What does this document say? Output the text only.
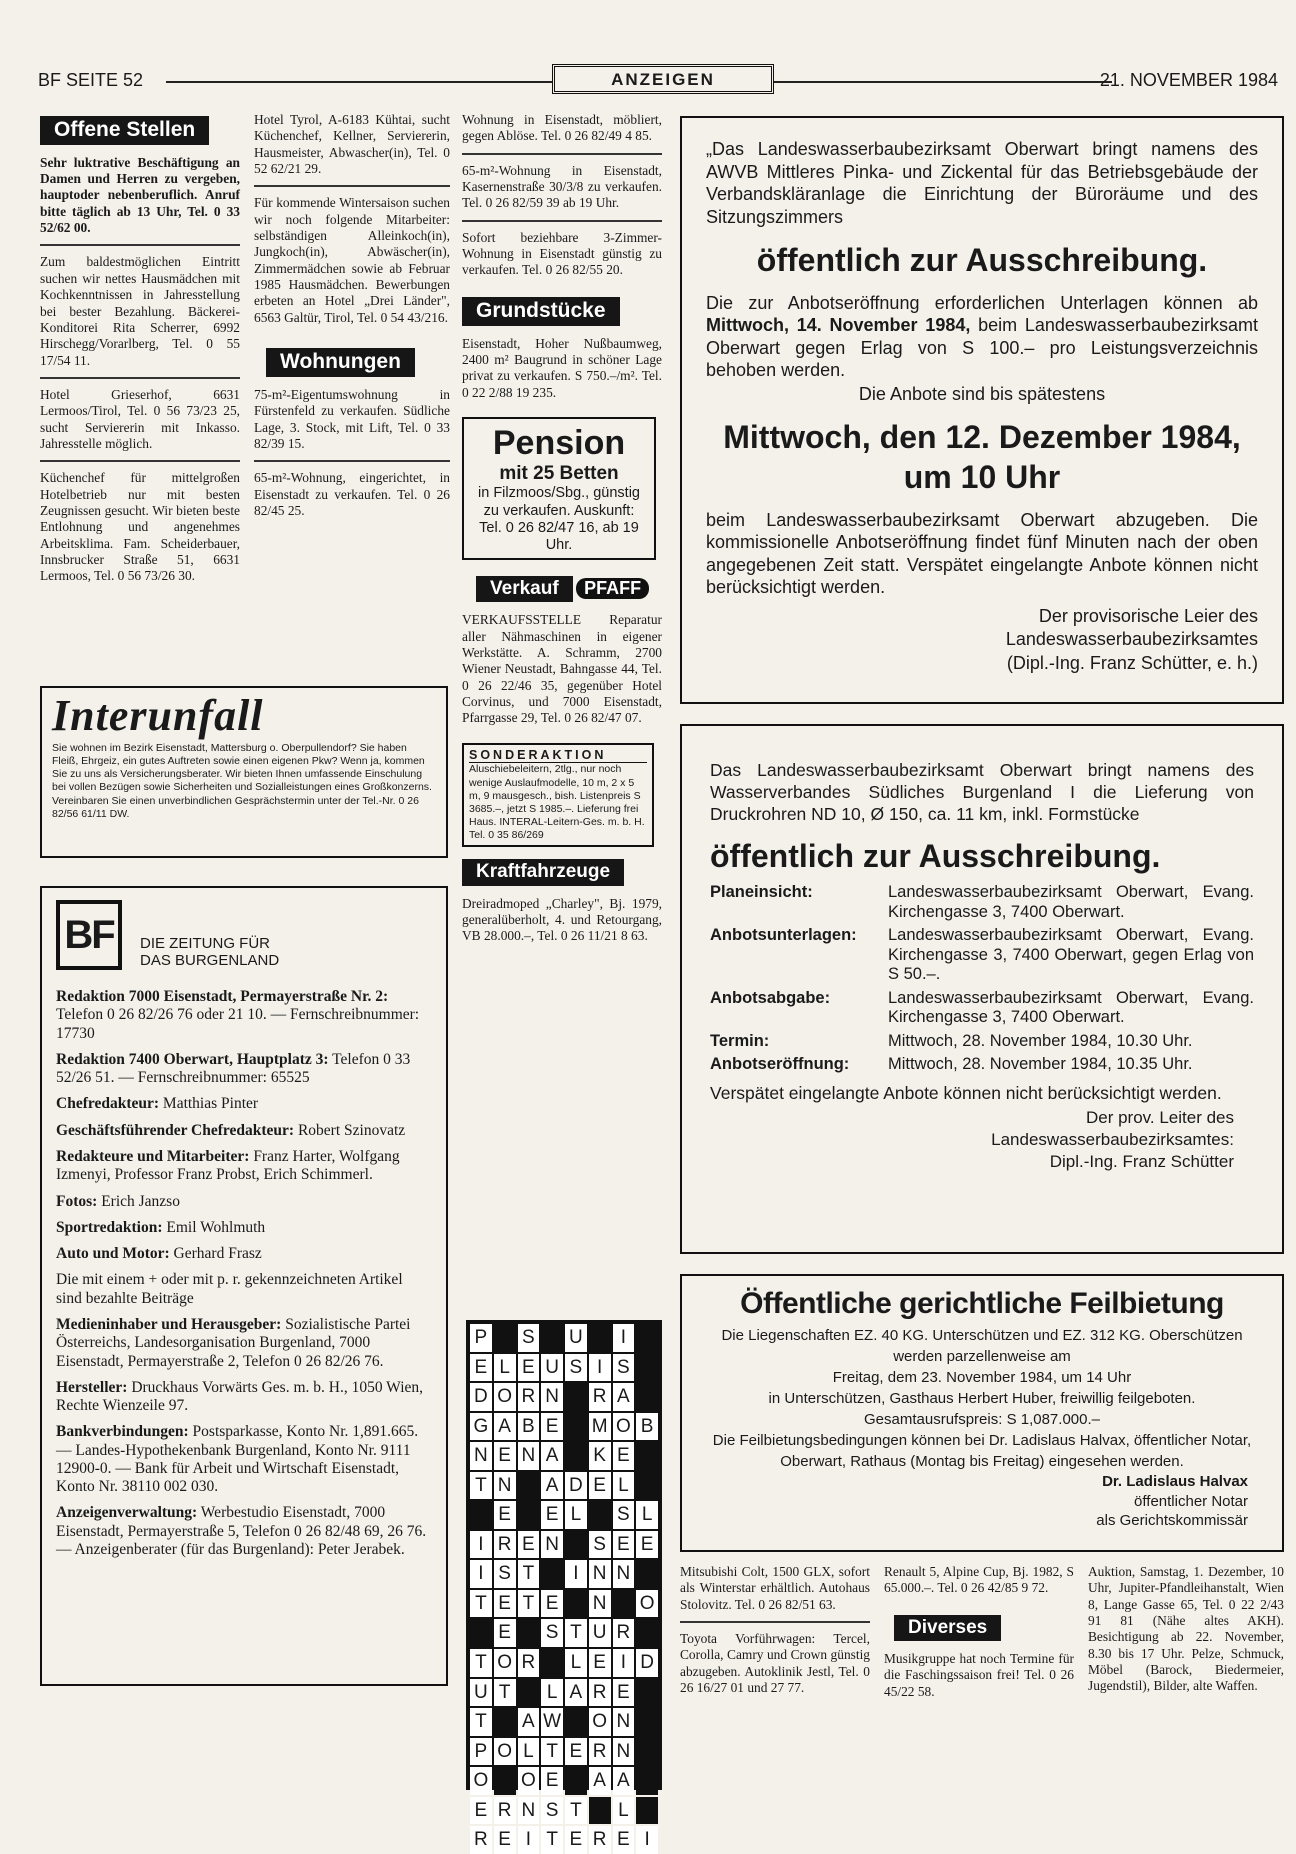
BF SEITE 52	ANZEIGEN	21. NOVEMBER 1984
Offene Stellen
Sehr luktrative Beschäftigung an Damen und Herren zu vergeben, hauptoder nebenberuflich. Anruf bitte täglich ab 13 Uhr, Tel. 0 33 52/62 00.
Zum baldestmöglichen Eintritt suchen wir nettes Hausmädchen mit Kochkenntnissen in Jahresstellung bei bester Bezahlung. Bäckerei-Konditorei Rita Scherrer, 6992 Hirschegg/Vorarlberg, Tel. 0 55 17/54 11.
Hotel Grieserhof, 6631 Lermoos/Tirol, Tel. 0 56 73/23 25, sucht Serviererin mit Inkasso. Jahresstelle möglich.
Küchenchef für mittelgroßen Hotelbetrieb nur mit besten Zeugnissen gesucht. Wir bieten beste Entlohnung und angenehmes Arbeitsklima. Fam. Scheiderbauer, Innsbrucker Straße 51, 6631 Lermoos, Tel. 0 56 73/26 30.
Hotel Tyrol, A-6183 Kühtai, sucht Küchenchef, Kellner, Serviererin, Hausmeister, Abwascher(in), Tel. 0 52 62/21 29.
Für kommende Wintersaison suchen wir noch folgende Mitarbeiter: selbständigen Alleinkoch(in), Jungkoch(in), Abwäscher(in), Zimmermädchen sowie ab Februar 1985 Hausmädchen. Bewerbungen erbeten an Hotel „Drei Länder", 6563 Galtür, Tirol, Tel. 0 54 43/216.
Wohnungen
75-m²-Eigentumswohnung in Fürstenfeld zu verkaufen. Südliche Lage, 3. Stock, mit Lift, Tel. 0 33 82/39 15.
65-m²-Wohnung, eingerichtet, in Eisenstadt zu verkaufen. Tel. 0 26 82/45 25.
Wohnung in Eisenstadt, möbliert, gegen Ablöse. Tel. 0 26 82/49 4 85.
65-m²-Wohnung in Eisenstadt, Kasernenstraße 30/3/8 zu verkaufen. Tel. 0 26 82/59 39 ab 19 Uhr.
Sofort beziehbare 3-Zimmer-Wohnung in Eisenstadt günstig zu verkaufen. Tel. 0 26 82/55 20.
Grundstücke
Eisenstadt, Hoher Nußbaumweg, 2400 m² Baugrund in schöner Lage privat zu verkaufen. S 750.–/m². Tel. 0 22 2/88 19 235.
Pension
mit 25 Betten
in Filzmoos/Sbg., günstig zu verkaufen. Auskunft: Tel. 0 26 82/47 16, ab 19 Uhr.
Verkauf PFAFF
VERKAUFSSTELLE Reparatur aller Nähmaschinen in eigener Werkstätte. A. Schramm, 2700 Wiener Neustadt, Bahngasse 44, Tel. 0 26 22/46 35, gegenüber Hotel Corvinus, und 7000 Eisenstadt, Pfarrgasse 29, Tel. 0 26 82/47 07.
SONDERAKTION
Aluschiebeleitern, 2tlg., nur noch wenige Auslaufmodelle, 10 m, 2 x 5 m, 9 mausgesch., bish. Listenpreis S 3685.–, jetzt S 1985.–. Lieferung frei Haus. INTERAL-Leitern-Ges. m. b. H. Tel. 0 35 86/269
Kraftfahrzeuge
Dreiradmoped „Charley", Bj. 1979, generalüberholt, 4. und Retourgang, VB 28.000.–, Tel. 0 26 11/21 8 63.
Interunfall
Sie wohnen im Bezirk Eisenstadt, Mattersburg o. Oberpullendorf? Sie haben Fleiß, Ehrgeiz, ein gutes Auftreten sowie einen eigenen Pkw? Wenn ja, kommen Sie zu uns als Versicherungsberater. Wir bieten Ihnen umfassende Einschulung bei vollen Bezügen sowie Sicherheiten und Sozialleistungen eines Großkonzerns. Vereinbaren Sie einen unverbindlichen Gesprächstermin unter der Tel.-Nr. 0 26 82/56 61/11 DW.
BF	DIE ZEITUNG FÜR
DAS BURGENLAND

Redaktion 7000 Eisenstadt, Permayerstraße Nr. 2: Telefon 0 26 82/26 76 oder 21 10. — Fernschreibnummer: 17730

Redaktion 7400 Oberwart, Hauptplatz 3: Telefon 0 33 52/26 51. — Fernschreibnummer: 65525

Chefredakteur: Matthias Pinter

Geschäftsführender Chefredakteur: Robert Szinovatz

Redakteure und Mitarbeiter: Franz Harter, Wolfgang Izmenyi, Professor Franz Probst, Erich Schimmerl.

Fotos: Erich Janzso

Sportredaktion: Emil Wohlmuth

Auto und Motor: Gerhard Frasz

Die mit einem + oder mit p. r. gekennzeichneten Artikel sind bezahlte Beiträge

Medieninhaber und Herausgeber: Sozialistische Partei Österreichs, Landesorganisation Burgenland, 7000 Eisenstadt, Permayerstraße 2, Telefon 0 26 82/26 76.

Hersteller: Druckhaus Vorwärts Ges. m. b. H., 1050 Wien, Rechte Wienzeile 97.

Bankverbindungen: Postsparkasse, Konto Nr. 1,891.665. — Landes-Hypothekenbank Burgenland, Konto Nr. 9111 12900-0. — Bank für Arbeit und Wirtschaft Eisenstadt, Konto Nr. 38110 002 030.

Anzeigenverwaltung: Werbestudio Eisenstadt, 7000 Eisenstadt, Permayerstraße 5, Telefon 0 26 82/48 69, 26 76. — Anzeigenberater (für das Burgenland): Peter Jerabek.

„Das Landeswasserbaubezirksamt Oberwart bringt namens des AWVB Mittleres Pinka- und Zickental für das Betriebsgebäude der Verbandskläranlage die Einrichtung der Büroräume und des Sitzungszimmers
öffentlich zur Ausschreibung.
Die zur Anbotseröffnung erforderlichen Unterlagen können ab Mittwoch, 14. November 1984, beim Landeswasserbaubezirksamt Oberwart gegen Erlag von S 100.– pro Leistungsverzeichnis behoben werden.
Die Anbote sind bis spätestens
Mittwoch, den 12. Dezember 1984, um 10 Uhr
beim Landeswasserbaubezirksamt Oberwart abzugeben. Die kommissionelle Anbotseröffnung findet fünf Minuten nach der oben angegebenen Zeit statt. Verspätet eingelangte Anbote können nicht berücksichtigt werden.
Der provisorische Leier des
Landeswasserbaubezirksamtes
(Dipl.-Ing. Franz Schütter, e. h.)
Das Landeswasserbaubezirksamt Oberwart bringt namens des Wasserverbandes Südliches Burgenland I die Lieferung von Druckrohren ND 10, Ø 150, ca. 11 km, inkl. Formstücke
öffentlich zur Ausschreibung.
Planeinsicht:	Landeswasserbaubezirksamt Oberwart, Evang. Kirchengasse 3, 7400 Oberwart.
Anbotsunterlagen:	Landeswasserbaubezirksamt Oberwart, Evang. Kirchengasse 3, 7400 Oberwart, gegen Erlag von S 50.–.
Anbotsabgabe:	Landeswasserbaubezirksamt Oberwart, Evang. Kirchengasse 3, 7400 Oberwart.
Termin:	Mittwoch, 28. November 1984, 10.30 Uhr.
Anbotseröffnung:	Mittwoch, 28. November 1984, 10.35 Uhr.
Verspätet eingelangte Anbote können nicht berücksichtigt werden.
Der prov. Leiter des
Landeswasserbaubezirksamtes:
Dipl.-Ing. Franz Schütter
Öffentliche gerichtliche Feilbietung
Die Liegenschaften EZ. 40 KG. Unterschützen und EZ. 312 KG. Oberschützen werden parzellenweise am
Freitag, dem 23. November 1984, um 14 Uhr
in Unterschützen, Gasthaus Herbert Huber, freiwillig feilgeboten.
Gesamtausrufspreis: S 1,087.000.–
Die Feilbietungsbedingungen können bei Dr. Ladislaus Halvax, öffentlicher Notar, Oberwart, Rathaus (Montag bis Freitag) eingesehen werden.
Dr. Ladislaus Halvax
öffentlicher Notar
als Gerichtskommissär
Mitsubishi Colt, 1500 GLX, sofort als Winterstar erhältlich. Autohaus Stolovitz. Tel. 0 26 82/51 63.
Toyota Vorführwagen: Tercel, Corolla, Camry und Crown günstig abzugeben. Autoklinik Jestl, Tel. 0 26 16/27 01 und 27 77.
Renault 5, Alpine Cup, Bj. 1982, S 65.000.–. Tel. 0 26 42/85 9 72.
Diverses
Musikgruppe hat noch Termine für die Faschingssaison frei! Tel. 0 26 45/22 58.
Auktion, Samstag, 1. Dezember, 10 Uhr, Jupiter-Pfandleihanstalt, Wien 8, Lange Gasse 65, Tel. 0 22 2/43 91 81 (Nähe altes AKH). Besichtigung ab 22. November, 8.30 bis 17 Uhr. Pelze, Schmuck, Möbel (Barock, Biedermeier, Jugendstil), Bilder, alte Waffen.
P S U	I
E L E U S I S
D O R N R A
G A B E M O B
N E N A K E
T N A D E L
E E L S L
I R E N S E E
I S T	I N N
T E T E N O
E S T U R
T O R L E I D
U T L A R E
T A W O N
P O L T E R N
O O E A A
E R N S T L
R E I T E R E I
